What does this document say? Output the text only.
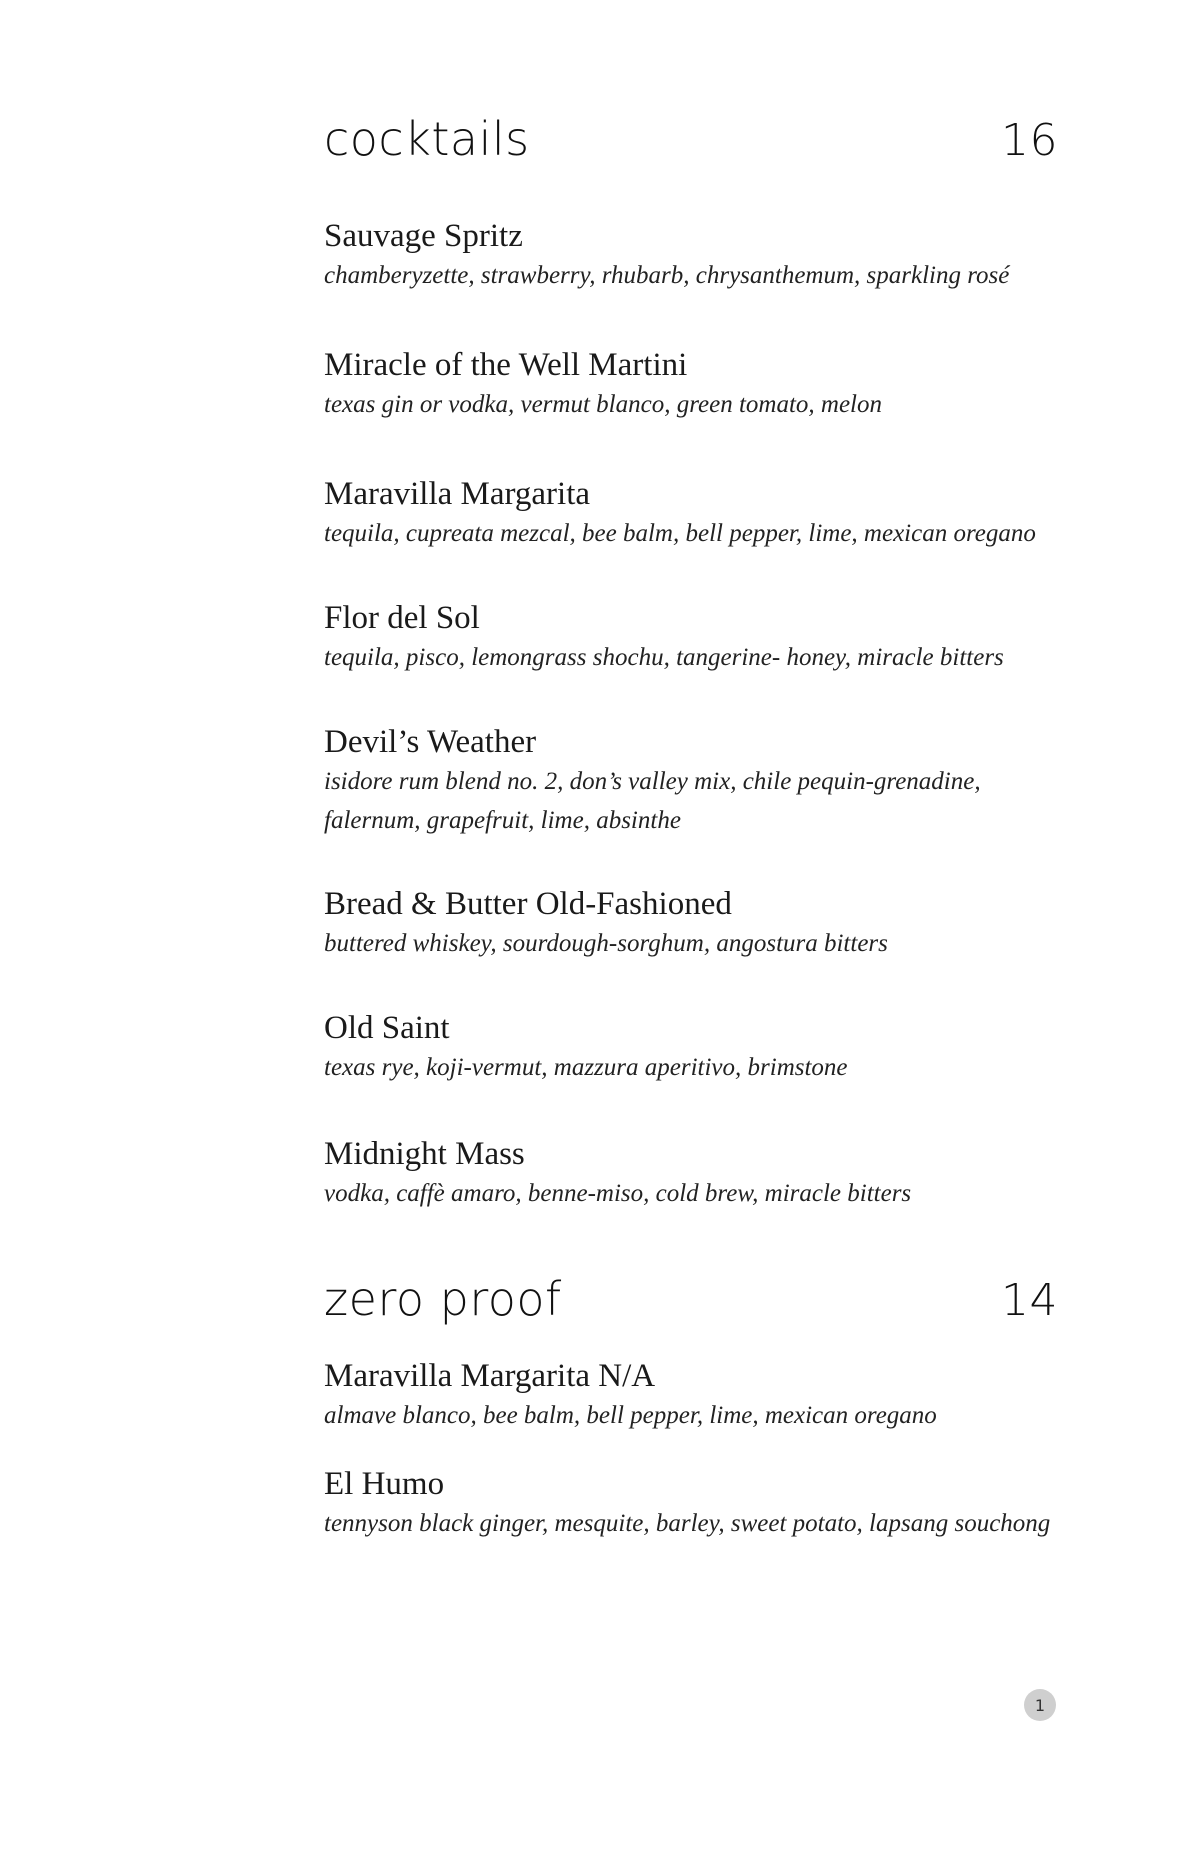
cocktails	16
Sauvage Spritz
chamberyzette, strawberry, rhubarb, chrysanthemum, sparkling rosé
Miracle of the Well Martini
texas gin or vodka, vermut blanco, green tomato, melon
Maravilla Margarita
tequila, cupreata mezcal, bee balm, bell pepper, lime, mexican oregano
Flor del Sol
tequila, pisco, lemongrass shochu, tangerine- honey, miracle bitters
Devil’s Weather
isidore rum blend no. 2, don’s valley mix, chile pequin-grenadine, falernum, grapefruit, lime, absinthe
Bread & Butter Old-Fashioned
buttered whiskey, sourdough-sorghum, angostura bitters
Old Saint
texas rye, koji-vermut, mazzura aperitivo, brimstone
Midnight Mass
vodka, caffè amaro, benne-miso, cold brew, miracle bitters
zero proof	14
Maravilla Margarita N/A
almave blanco, bee balm, bell pepper, lime, mexican oregano
El Humo
tennyson black ginger, mesquite, barley, sweet potato, lapsang souchong
1
